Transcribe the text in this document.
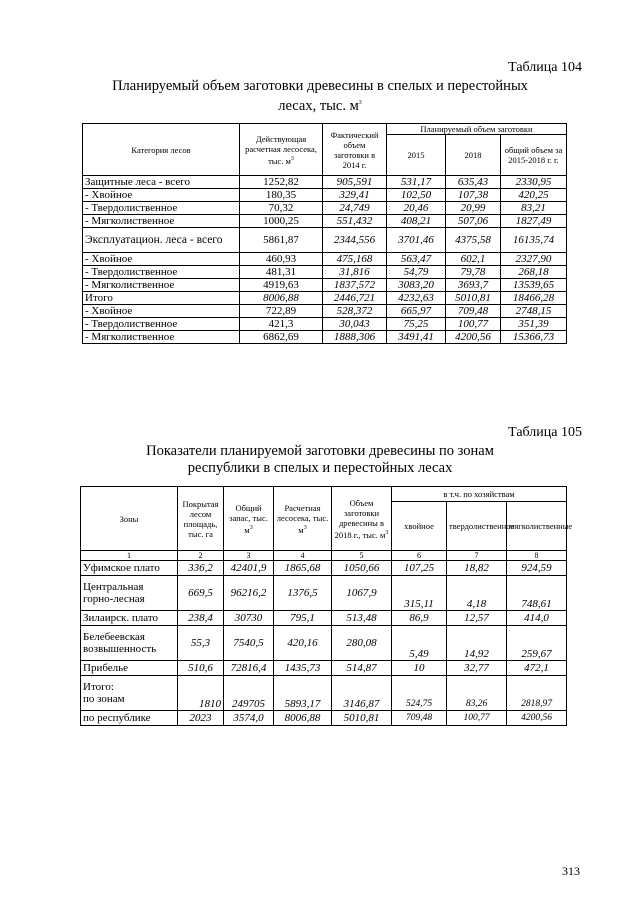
Таблица 104
Планируемый объем заготовки древесины в спелых и перестойных
лесах, тыс. $м^3$
Категория лесов	Действующая расчетная лесосека, тыс. $м^3$	Фактический объем заготовки в 2014 г.	Планируемый объем заготовки		
			2015	2018	общий объем за 2015-2018 г. г.
Защитные леса - всего	1252,82	905,591	531,17	635,43	2330,95
- Хвойное	180,35	329,41	102,50	107,38	420,25
- Твердолиственное	70,32	24,749	20,46	20,99	83,21
- Мягколиственное	1000,25	551,432	408,21	507,06	1827,49
Эксплуатацион. леса - всего	5861,87	2344,556	3701,46	4375,58	16135,74
- Хвойное	460,93	475,168	563,47	602,1	2327,90
- Твердолиственное	481,31	31,816	54,79	79,78	268,18
- Мягколиственное	4919,63	1837,572	3083,20	3693,7	13539,65
Итого	8006,88	2446,721	4232,63	5010,81	18466,28
- Хвойное	722,89	528,372	665,97	709,48	2748,15
- Твердолиственное	421,3	30,043	75,25	100,77	351,39
- Мягколиственное	6862,69	1888,306	3491,41	4200,56	15366,73
Таблица 105
Показатели планируемой заготовки древесины по зонам
республики в спелых и перестойных лесах
Зоны	Покрытая лесом площадь, тыс. га	Общий запас, тыс. $м^3$	Расчетная лесосека, тыс. $м^3$	Объем заготовки древесины в 2018 г., тыс. $м^3$	в т.ч. по хозяйствам		
					хвойное	твердолиственное	мягколиственные
1	2	3	4	5	6	7	8
Уфимское плато	336,2	42401,9	1865,68	1050,66	107,25	18,82	924,59
Центральная
горно-лесная	669,5	96216,2	1376,5	1067,9	315,11	4,18	748,61
Зилаирск. плато	238,4	30730	795,1	513,48	86,9	12,57	414,0
Белебеевская
возвышенность	55,3	7540,5	420,16	280,08	5,49	14,92	259,67
Прибелье	510,6	72816,4	1435,73	514,87	10	32,77	472,1
Итого:
по зонам	1810	249705	5893,17	3146,87	524,75	83,26	2818,97
по республике	2023	3574,0	8006,88	5010,81	709,48	100,77	4200,56
313
